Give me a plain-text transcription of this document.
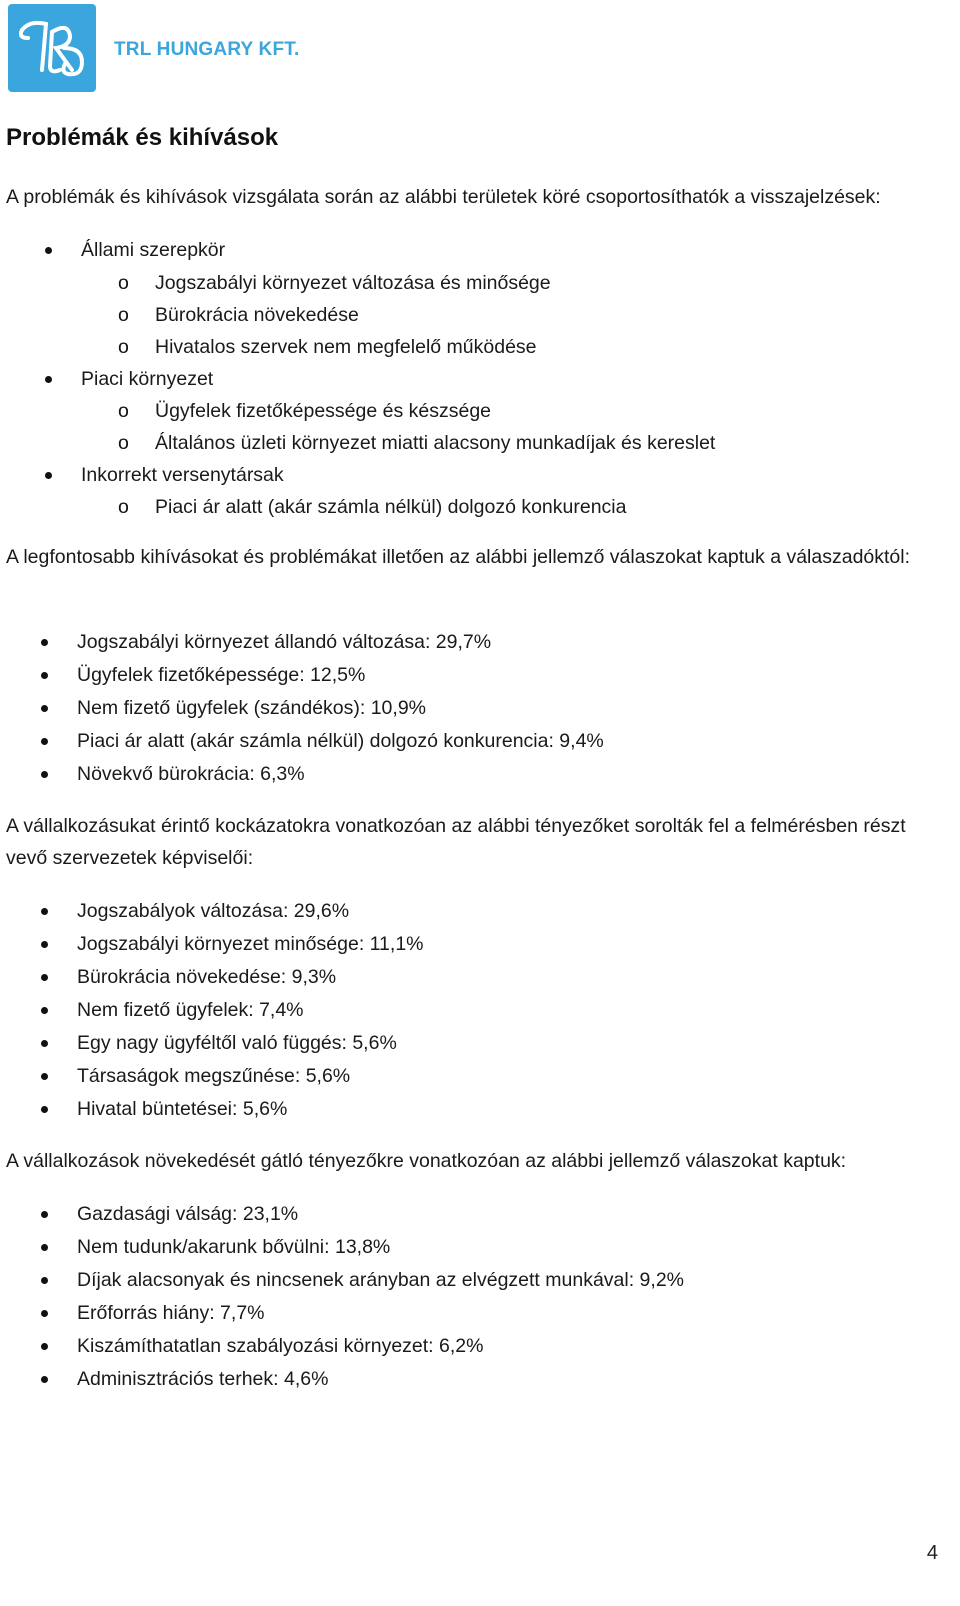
TRL HUNGARY KFT.
Problémák és kihívások

A problémák és kihívások vizsgálata során az alábbi területek köré csoportosíthatók a visszajelzések:

Állami szerepkör
o Jogszabályi környezet változása és minősége
o Bürokrácia növekedése
o Hivatalos szervek nem megfelelő működése
Piaci környezet
o Ügyfelek fizetőképessége és készsége
o Általános üzleti környezet miatti alacsony munkadíjak és kereslet
Inkorrekt versenytársak
o Piaci ár alatt (akár számla nélkül) dolgozó konkurencia

A legfontosabb kihívásokat és problémákat illetően az alábbi jellemző válaszokat kaptuk a válaszadóktól:

Jogszabályi környezet állandó változása: 29,7%
Ügyfelek fizetőképessége: 12,5%
Nem fizető ügyfelek (szándékos): 10,9%
Piaci ár alatt (akár számla nélkül) dolgozó konkurencia: 9,4%
Növekvő bürokrácia: 6,3%

A vállalkozásukat érintő kockázatokra vonatkozóan az alábbi tényezőket sorolták fel a felmérésben részt vevő szervezetek képviselői:

Jogszabályok változása: 29,6%
Jogszabályi környezet minősége: 11,1%
Bürokrácia növekedése: 9,3%
Nem fizető ügyfelek: 7,4%
Egy nagy ügyféltől való függés: 5,6%
Társaságok megszűnése: 5,6%
Hivatal büntetései: 5,6%

A vállalkozások növekedését gátló tényezőkre vonatkozóan az alábbi jellemző válaszokat kaptuk:

Gazdasági válság: 23,1%
Nem tudunk/akarunk bővülni: 13,8%
Díjak alacsonyak és nincsenek arányban az elvégzett munkával: 9,2%
Erőforrás hiány: 7,7%
Kiszámíthatatlan szabályozási környezet: 6,2%
Adminisztrációs terhek: 4,6%
4
